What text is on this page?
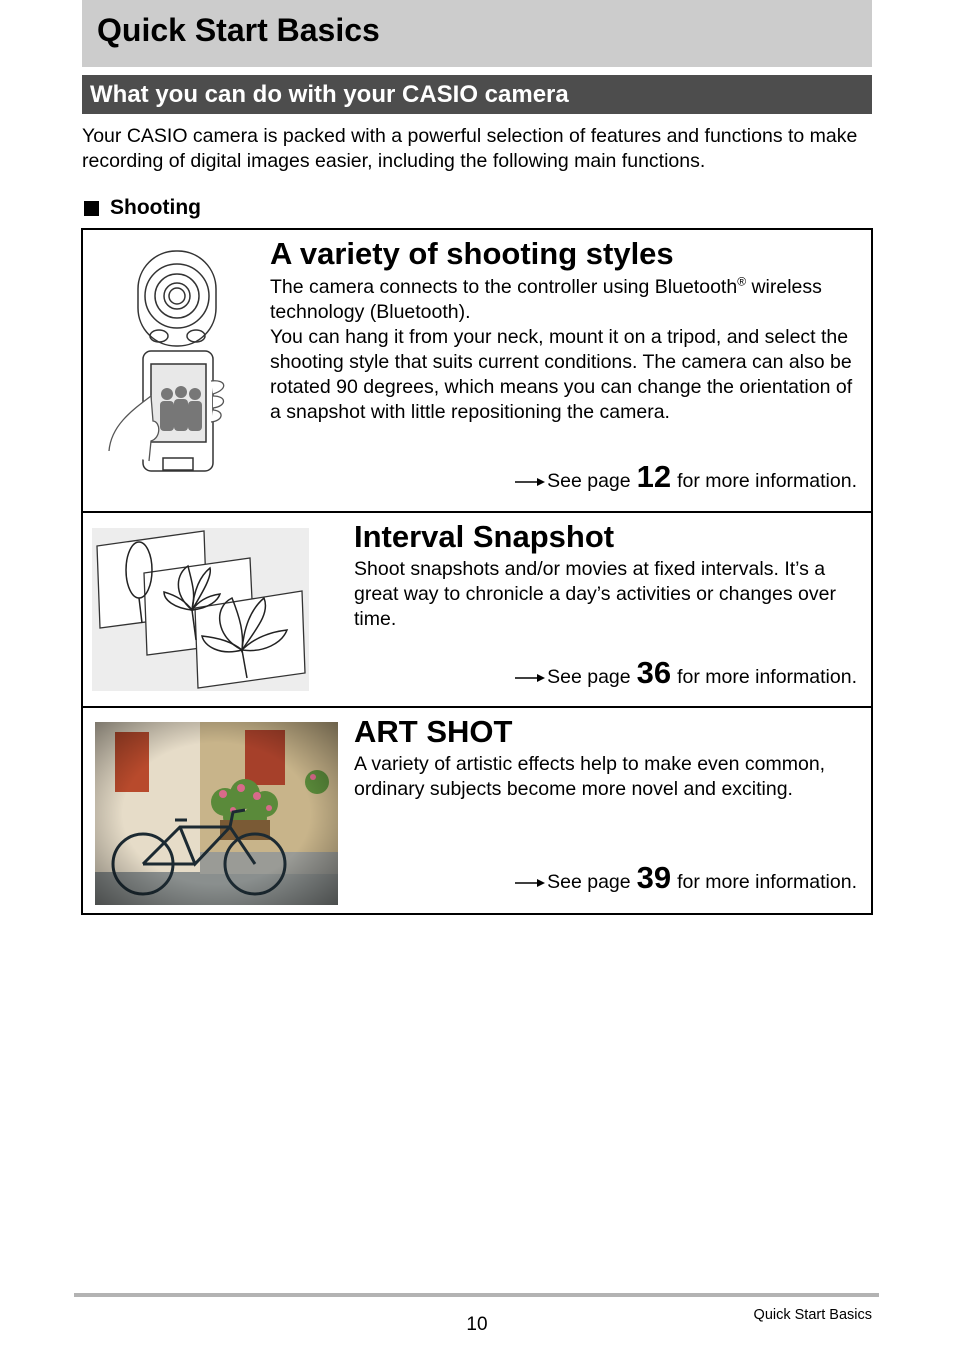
Quick Start Basics
What you can do with your CASIO camera

Your CASIO camera is packed with a powerful selection of features and functions to make recording of digital images easier, including the following main functions.

Shooting
A variety of shooting styles

The camera connects to the controller using Bluetooth® wireless technology (Bluetooth).
You can hang it from your neck, mount it on a tripod, and select the shooting style that suits current conditions. The camera can also be rotated 90 degrees, which means you can change the orientation of a snapshot with little repositioning the camera.

See page 12 for more information.
Interval Snapshot

Shoot snapshots and/or movies at fixed intervals. It’s a great way to chronicle a day’s activities or changes over time.

See page 36 for more information.
ART SHOT

A variety of artistic effects help to make even common, ordinary subjects become more novel and exciting.

See page 39 for more information.
10	Quick Start Basics
